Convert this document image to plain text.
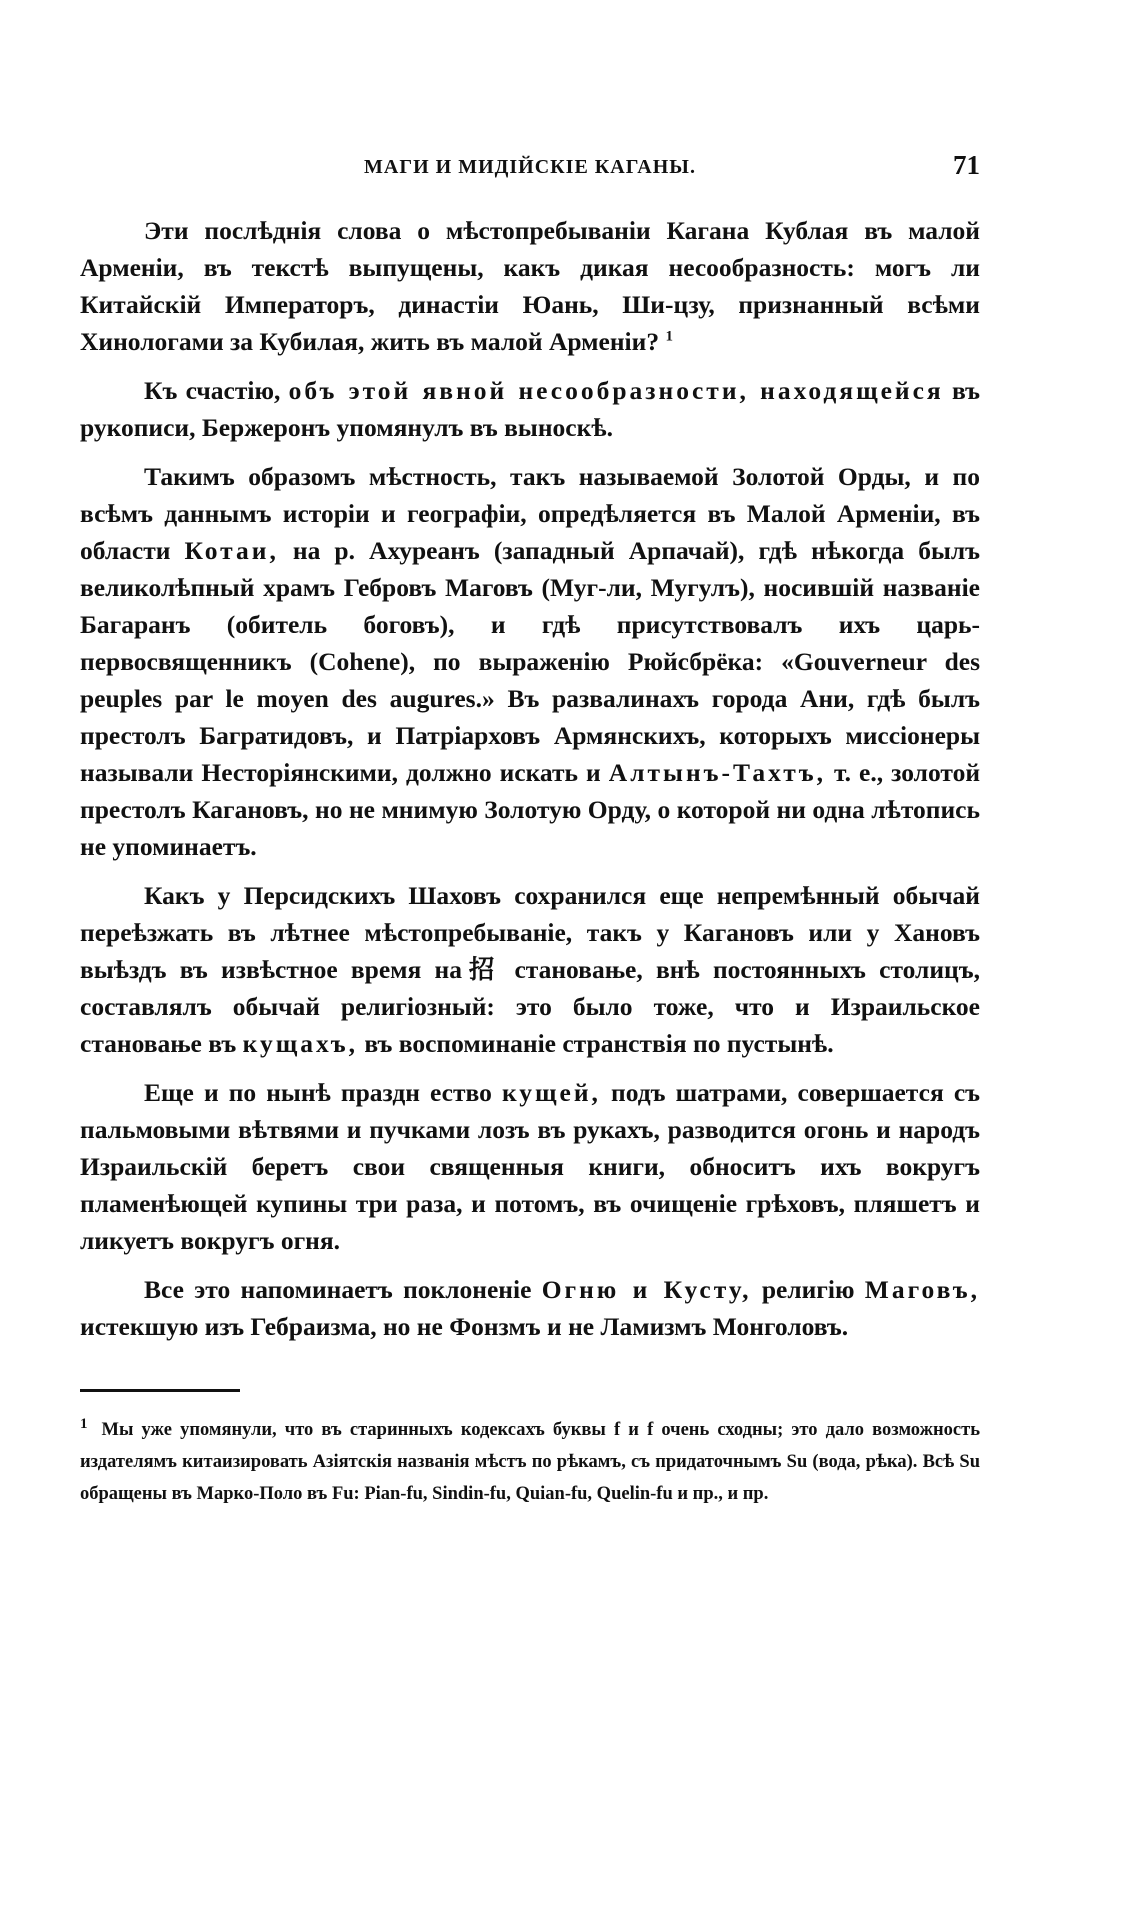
МАГИ И МИДІЙСКІЕ КАГАНЫ.	71

Эти послѣднія слова о мѣстопребываніи Кагана Кублая въ малой Арменіи, въ текстѣ выпущены, какъ дикая несообразность: могъ ли Китайскій Императоръ, династіи Юань, Ши-цзу, признанный всѣми Хинологами за Кубилая, жить въ малой Арменіи? $^1$

Къ счастію, объ этой явной несообразности, находящейся въ рукописи, Бержеронъ упомянулъ въ выноскѣ.

Такимъ образомъ мѣстность, такъ называемой Золотой Орды, и по всѣмъ даннымъ исторіи и географіи, опредѣляется въ Малой Арменіи, въ области Котаи, на р. Ахуреанъ (западный Арпачай), гдѣ нѣкогда былъ великолѣпный храмъ Гебровъ Маговъ (Муг-ли, Мугулъ), носившій названіе Багаранъ (обитель боговъ), и гдѣ присутствовалъ ихъ царь-первосвященникъ (Cohene), по выраженію Рюйсбрёка: «Gouverneur des peuples par le moyen des augures.» Въ развалинахъ города Ани, гдѣ былъ престолъ Багратидовъ, и Патріарховъ Армянскихъ, которыхъ миссіонеры называли Несторіянскими, должно искать и Алтынъ-Тахтъ, т. е., золотой престолъ Кагановъ, но не мнимую Золотую Орду, о которой ни одна лѣтопись не упоминаетъ.

Какъ у Персидскихъ Шаховъ сохранился еще непремѣнный обычай переѣзжать въ лѣтнее мѣстопребываніе, такъ у Кагановъ или у Хановъ выѣздъ въ извѣстное время на招 становање, внѣ постоянныхъ столицъ, составлялъ обычай религіозный: это было тоже, что и Израильское становање въ кущахъ, въ воспоминаніе странствія по пустынѣ.

Еще и по нынѣ праздн ество кущей, подъ шатрами, совершается съ пальмовыми вѣтвями и пучками лозъ въ рукахъ, разводится огонь и народъ Израильскій беретъ свои священныя книги, обноситъ ихъ вокругъ пламенѣющей купины три раза, и потомъ, въ очищеніе грѣховъ, пляшетъ и ликуетъ вокругъ огня.

Все это напоминаетъ поклоненіе Огню и Кусту, религію Маговъ, истекшую изъ Гебраизма, но не Фонзмъ и не Ламизмъ Монголовъ.

$^1$ Мы уже упомянули, что въ старинныхъ кодексахъ буквы f и f очень сходны; это дало возможность издателямъ китаизировать Азіятскія названія мѣстъ по рѣкамъ, съ придаточнымъ Su (вода, рѣка). Всѣ Su обращены въ Марко-Поло въ Fu: Pian-fu, Sindin-fu, Quian-fu, Quelin-fu и пр., и пр.
